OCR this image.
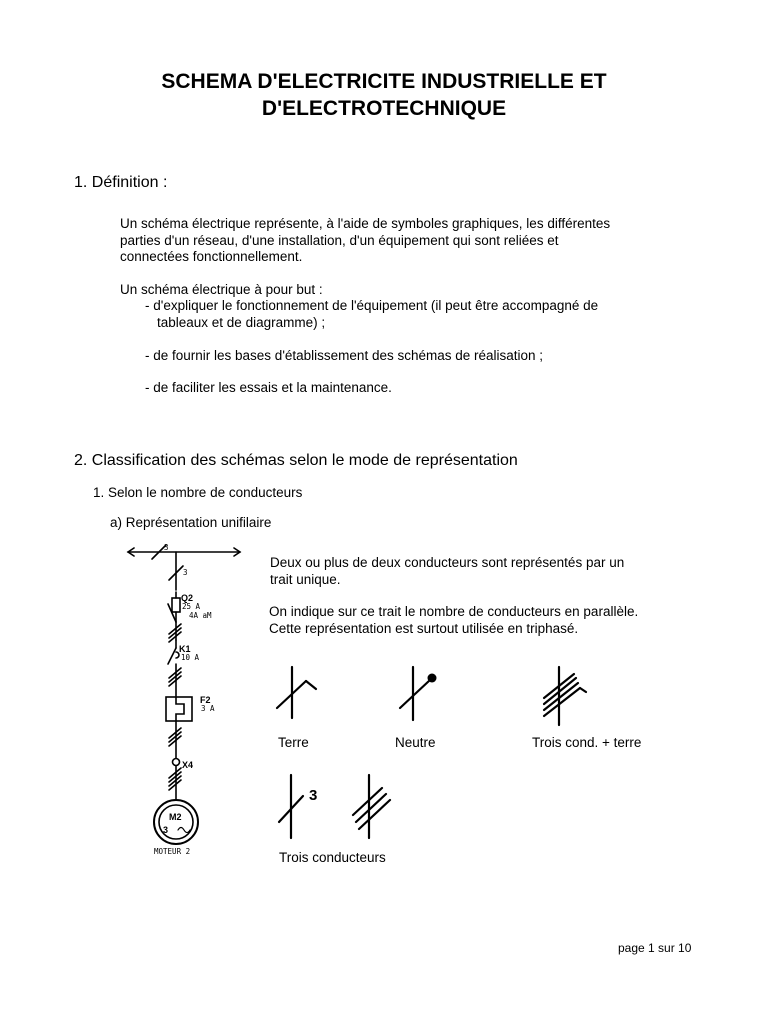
SCHEMA D'ELECTRICITE INDUSTRIELLE ET
D'ELECTROTECHNIQUE
1. Définition :
Un schéma électrique représente, à l'aide de symboles graphiques, les différentes
parties d'un réseau, d'une installation, d'un équipement qui sont reliées et
connectées fonctionnellement.
Un schéma électrique à pour but :
- d'expliquer le fonctionnement de l'équipement (il peut être accompagné de
tableaux et de diagramme) ;
- de fournir les bases d'établissement des schémas de réalisation ;
- de faciliter les essais et la maintenance.
2. Classification des schémas selon le mode de représentation
1. Selon le nombre de conducteurs
a) Représentation unifilaire
Deux ou plus de deux conducteurs sont représentés par un
trait unique.
On indique sur ce trait le nombre de conducteurs en parallèle.
Cette représentation est surtout utilisée en triphasé.
3
3
Q2
25 A
4A aM
K1
10 A
F2
3 A
X4
M2
3
MOTEUR 2
3
Terre	Neutre	Trois cond. + terre
Trois conducteurs
page 1 sur 10
